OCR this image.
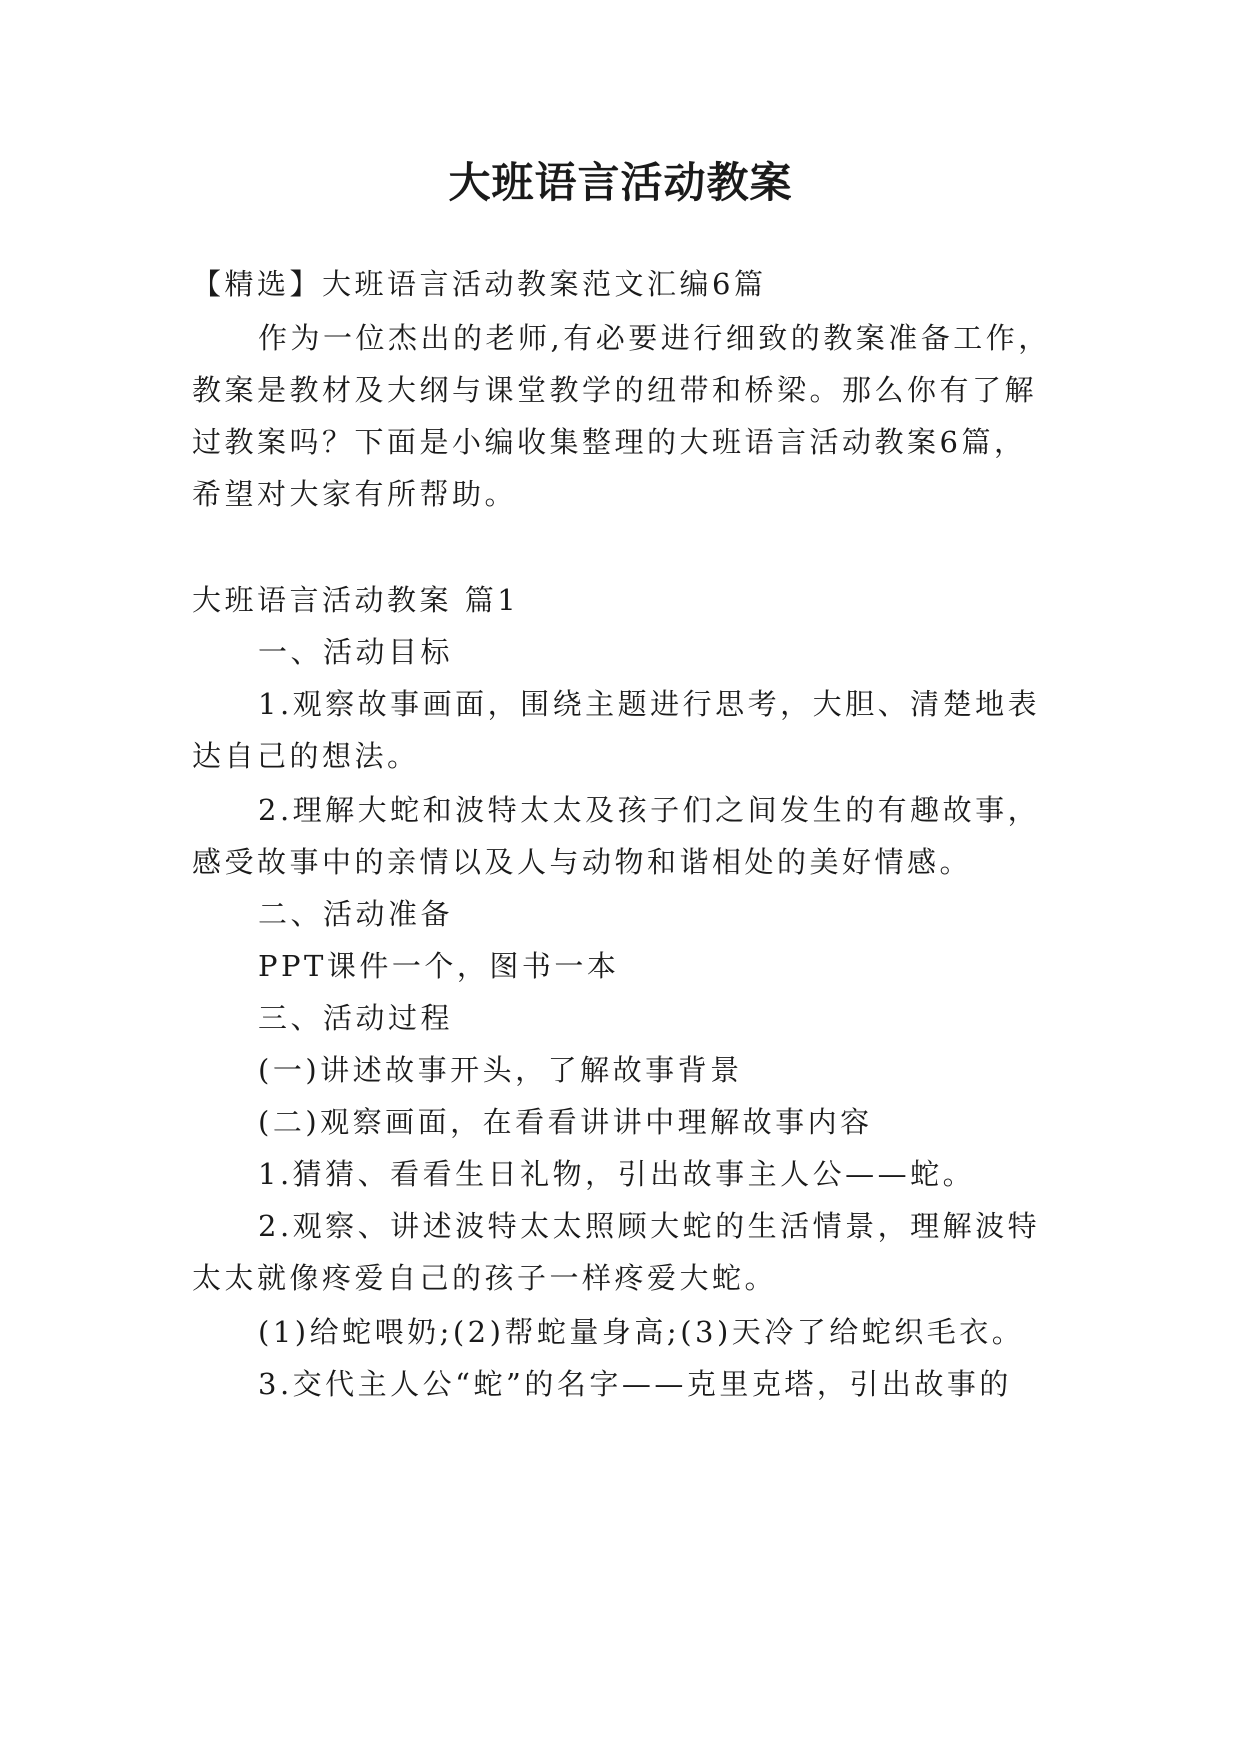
大班语言活动教案
【精选】大班语言活动教案范文汇编6篇
作为一位杰出的老师,有必要进行细致的教案准备工作，
教案是教材及大纲与课堂教学的纽带和桥梁。那么你有了解
过教案吗？下面是小编收集整理的大班语言活动教案6篇，
希望对大家有所帮助。
大班语言活动教案 篇1
一、活动目标
1.观察故事画面，围绕主题进行思考，大胆、清楚地表
达自己的想法。
2.理解大蛇和波特太太及孩子们之间发生的有趣故事，
感受故事中的亲情以及人与动物和谐相处的美好情感。
二、活动准备
PPT课件一个，图书一本
三、活动过程
(一)讲述故事开头，了解故事背景
(二)观察画面，在看看讲讲中理解故事内容
1.猜猜、看看生日礼物，引出故事主人公——蛇。
2.观察、讲述波特太太照顾大蛇的生活情景，理解波特
太太就像疼爱自己的孩子一样疼爱大蛇。
(1)给蛇喂奶;(2)帮蛇量身高;(3)天冷了给蛇织毛衣。
3.交代主人公“蛇”的名字——克里克塔，引出故事的
